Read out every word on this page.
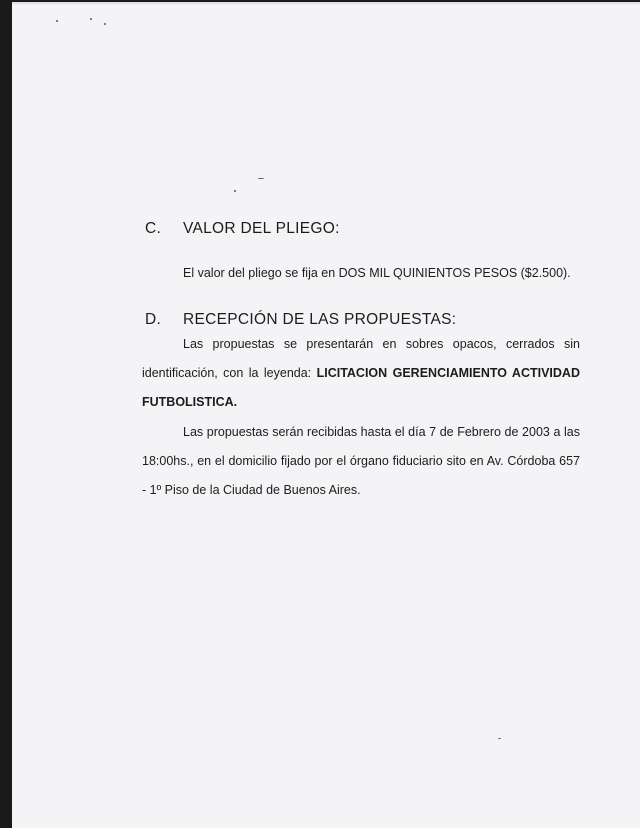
C. VALOR DEL PLIEGO:

El valor del pliego se fija en DOS MIL QUINIENTOS PESOS ($2.500).

D. RECEPCIÓN DE LAS PROPUESTAS:

Las propuestas se presentarán en sobres opacos, cerrados sin identificación, con la leyenda: LICITACION GERENCIAMIENTO ACTIVIDAD FUTBOLISTICA.

Las propuestas serán recibidas hasta el día 7 de Febrero de 2003 a las 18:00hs., en el domicilio fijado por el órgano fiduciario sito en Av. Córdoba 657 - 1º Piso de la Ciudad de Buenos Aires.
